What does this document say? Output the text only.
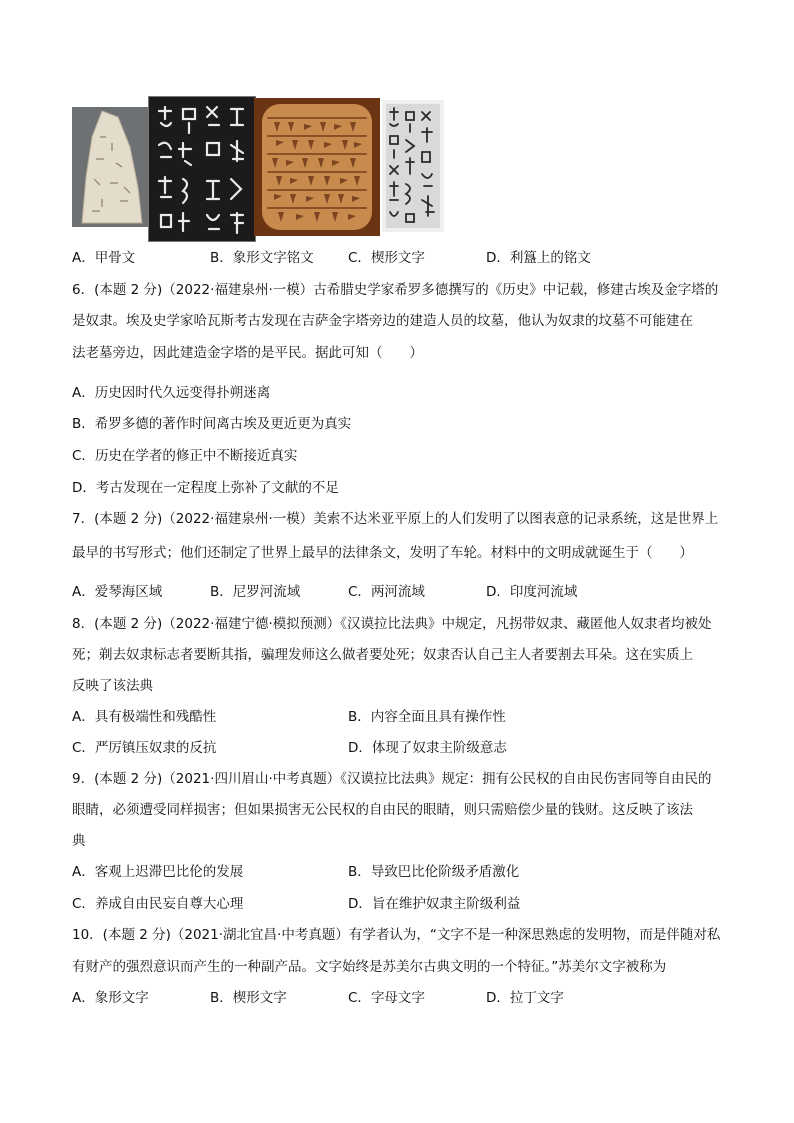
A．甲骨文	B．象形文字铭文	C．楔形文字	D．利簋上的铭文
6．(本题 2 分)（2022·福建泉州·一模）古希腊史学家希罗多德撰写的《历史》中记载，修建古埃及金字塔的
是奴隶。埃及史学家哈瓦斯考古发现在吉萨金字塔旁边的建造人员的坟墓，他认为奴隶的坟墓不可能建在
法老墓旁边，因此建造金字塔的是平民。据此可知（　　）
A．历史因时代久远变得扑朔迷离
B．希罗多德的著作时间离古埃及更近更为真实
C．历史在学者的修正中不断接近真实
D．考古发现在一定程度上弥补了文献的不足
7．(本题 2 分)（2022·福建泉州·一模）美索不达米亚平原上的人们发明了以图表意的记录系统，这是世界上
最早的书写形式；他们还制定了世界上最早的法律条文，发明了车轮。材料中的文明成就诞生于（　　）
A．爱琴海区域	B．尼罗河流域	C．两河流域	D．印度河流域
8．(本题 2 分)（2022·福建宁德·模拟预测）《汉谟拉比法典》中规定，凡拐带奴隶、藏匿他人奴隶者均被处
死；剃去奴隶标志者要断其指，骗理发师这么做者要处死；奴隶否认自己主人者要割去耳朵。这在实质上
反映了该法典
A．具有极端性和残酷性	B．内容全面且具有操作性
C．严厉镇压奴隶的反抗	D．体现了奴隶主阶级意志
9．(本题 2 分)（2021·四川眉山·中考真题）《汉谟拉比法典》规定：拥有公民权的自由民伤害同等自由民的
眼睛，必须遭受同样损害；但如果损害无公民权的自由民的眼睛，则只需赔偿少量的钱财。这反映了该法
典
A．客观上迟滞巴比伦的发展	B．导致巴比伦阶级矛盾激化
C．养成自由民妄自尊大心理	D．旨在维护奴隶主阶级利益
10．(本题 2 分)（2021·湖北宜昌·中考真题）有学者认为，“文字不是一种深思熟虑的发明物，而是伴随对私
有财产的强烈意识而产生的一种副产品。文字始终是苏美尔古典文明的一个特征。”苏美尔文字被称为
A．象形文字	B．楔形文字	C．字母文字	D．拉丁文字
